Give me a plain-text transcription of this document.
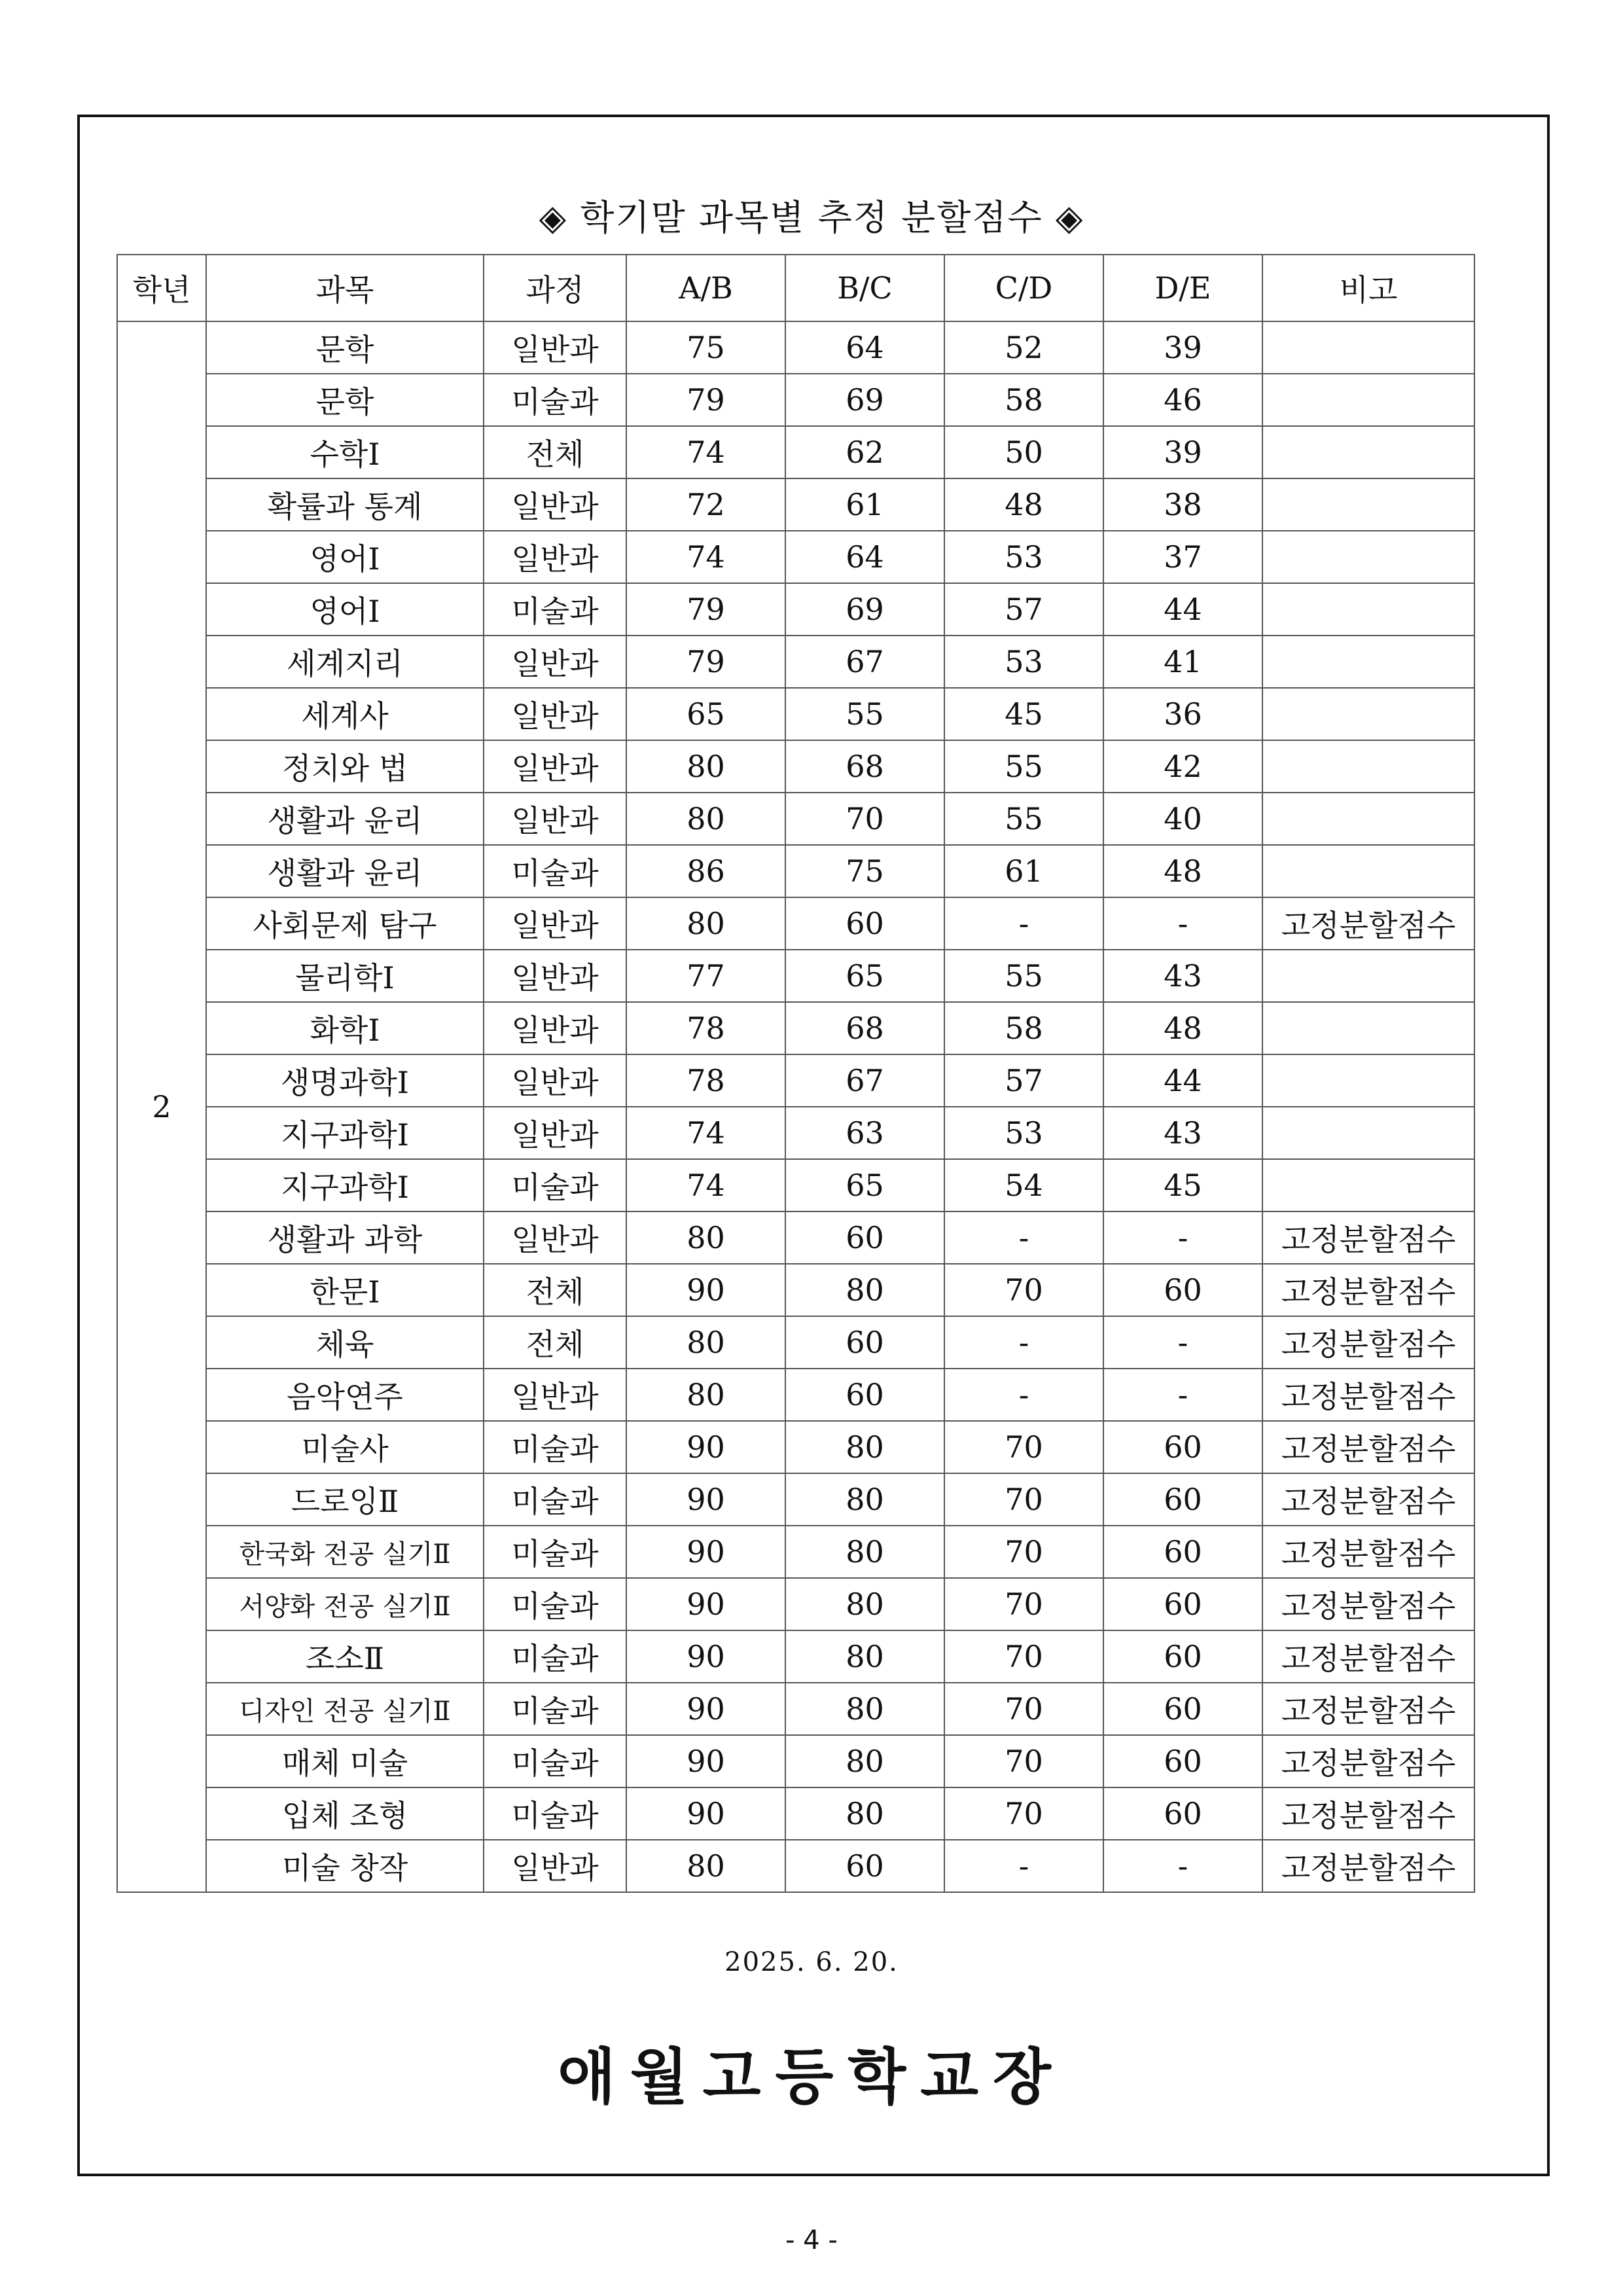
◈ 학기말 과목별 추정 분할점수 ◈
학년	과목	과정	A/B	B/C	C/D	D/E	비고
2	문학	일반과	75	64	52	39	
	문학	미술과	79	69	58	46	
	수학Ⅰ	전체	74	62	50	39	
	확률과 통계	일반과	72	61	48	38	
	영어Ⅰ	일반과	74	64	53	37	
	영어Ⅰ	미술과	79	69	57	44	
	세계지리	일반과	79	67	53	41	
	세계사	일반과	65	55	45	36	
	정치와 법	일반과	80	68	55	42	
	생활과 윤리	일반과	80	70	55	40	
	생활과 윤리	미술과	86	75	61	48	
	사회문제 탐구	일반과	80	60	-	-	고정분할점수
	물리학Ⅰ	일반과	77	65	55	43	
	화학Ⅰ	일반과	78	68	58	48	
	생명과학Ⅰ	일반과	78	67	57	44	
	지구과학Ⅰ	일반과	74	63	53	43	
	지구과학Ⅰ	미술과	74	65	54	45	
	생활과 과학	일반과	80	60	-	-	고정분할점수
	한문Ⅰ	전체	90	80	70	60	고정분할점수
	체육	전체	80	60	-	-	고정분할점수
	음악연주	일반과	80	60	-	-	고정분할점수
	미술사	미술과	90	80	70	60	고정분할점수
	드로잉Ⅱ	미술과	90	80	70	60	고정분할점수
	한국화 전공 실기Ⅱ	미술과	90	80	70	60	고정분할점수
	서양화 전공 실기Ⅱ	미술과	90	80	70	60	고정분할점수
	조소Ⅱ	미술과	90	80	70	60	고정분할점수
	디자인 전공 실기Ⅱ	미술과	90	80	70	60	고정분할점수
	매체 미술	미술과	90	80	70	60	고정분할점수
	입체 조형	미술과	90	80	70	60	고정분할점수
	미술 창작	일반과	80	60	-	-	고정분할점수
2025. 6. 20.
애월고등학교장
- 4 -
